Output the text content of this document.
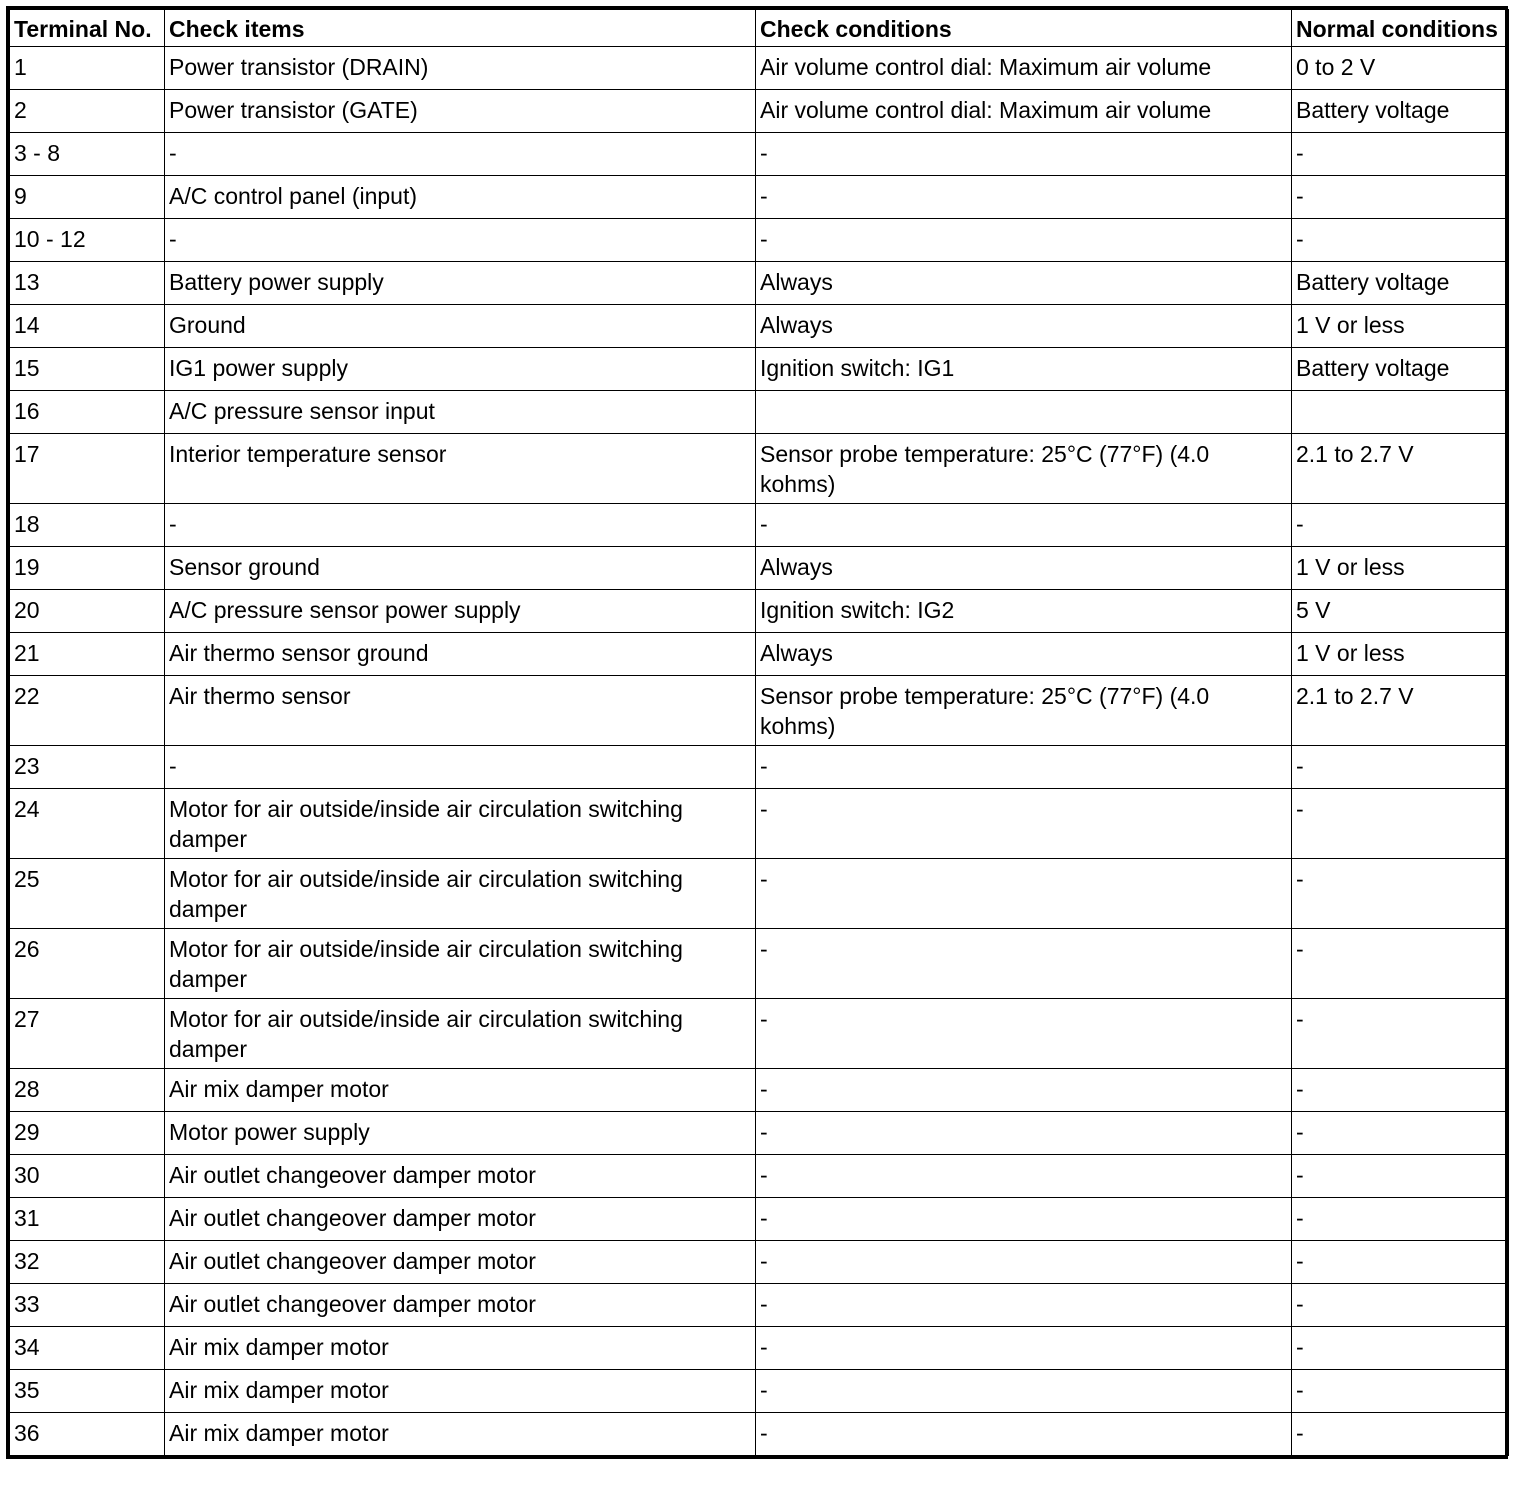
Terminal No.	Check items	Check conditions	Normal conditions
1	Power transistor (DRAIN)	Air volume control dial: Maximum air volume	0 to 2 V
2	Power transistor (GATE)	Air volume control dial: Maximum air volume	Battery voltage
3 - 8	-	-	-
9	A/C control panel (input)	-	-
10 - 12	-	-	-
13	Battery power supply	Always	Battery voltage
14	Ground	Always	1 V or less
15	IG1 power supply	Ignition switch: IG1	Battery voltage
16	A/C pressure sensor input		
17	Interior temperature sensor	Sensor probe temperature: 25°C (77°F) (4.0 kohms)	2.1 to 2.7 V
18	-	-	-
19	Sensor ground	Always	1 V or less
20	A/C pressure sensor power supply	Ignition switch: IG2	5 V
21	Air thermo sensor ground	Always	1 V or less
22	Air thermo sensor	Sensor probe temperature: 25°C (77°F) (4.0 kohms)	2.1 to 2.7 V
23	-	-	-
24	Motor for air outside/inside air circulation switching damper	-	-
25	Motor for air outside/inside air circulation switching damper	-	-
26	Motor for air outside/inside air circulation switching damper	-	-
27	Motor for air outside/inside air circulation switching damper	-	-
28	Air mix damper motor	-	-
29	Motor power supply	-	-
30	Air outlet changeover damper motor	-	-
31	Air outlet changeover damper motor	-	-
32	Air outlet changeover damper motor	-	-
33	Air outlet changeover damper motor	-	-
34	Air mix damper motor	-	-
35	Air mix damper motor	-	-
36	Air mix damper motor	-	-
